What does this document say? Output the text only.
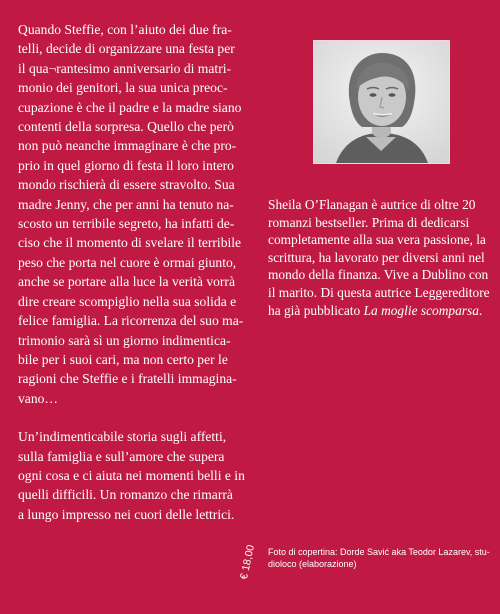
Quando Steffie, con l’aiuto dei due fra-
telli, decide di organizzare una festa per
il qua¬rantesimo anniversario di matri-
monio dei genitori, la sua unica preoc-
cupazione è che il padre e la madre siano
contenti della sorpresa. Quello che però
non può neanche immaginare è che pro-
prio in quel giorno di festa il loro intero
mondo rischierà di essere stravolto. Sua
madre Jenny, che per anni ha tenuto na-
scosto un terribile segreto, ha infatti de-
ciso che il momento di svelare il terribile
peso che porta nel cuore è ormai giunto,
anche se portare alla luce la verità vorrà
dire creare scompiglio nella sua solida e
felice famiglia. La ricorrenza del suo ma-
trimonio sarà sì un giorno indimentica-
bile per i suoi cari, ma non certo per le
ragioni che Steffie e i fratelli immagina-
vano…

Un’indimenticabile storia sugli affetti,
sulla famiglia e sull’amore che supera
ogni cosa e ci aiuta nei momenti belli e in
quelli difficili. Un romanzo che rimarrà
a lungo impresso nei cuori delle lettrici.

Sheila O’Flanagan è autrice di oltre 20
romanzi bestseller. Prima di dedicarsi
completamente alla sua vera passione, la
scrittura, ha lavorato per diversi anni nel
mondo della finanza. Vive a Dublino con
il marito. Di questa autrice Leggereditore
ha già pubblicato La moglie scomparsa.

Foto di copertina: Dorde Savić aka Teodor Lazarev, stu-
dioloco (elaborazione)

€ 18,00
